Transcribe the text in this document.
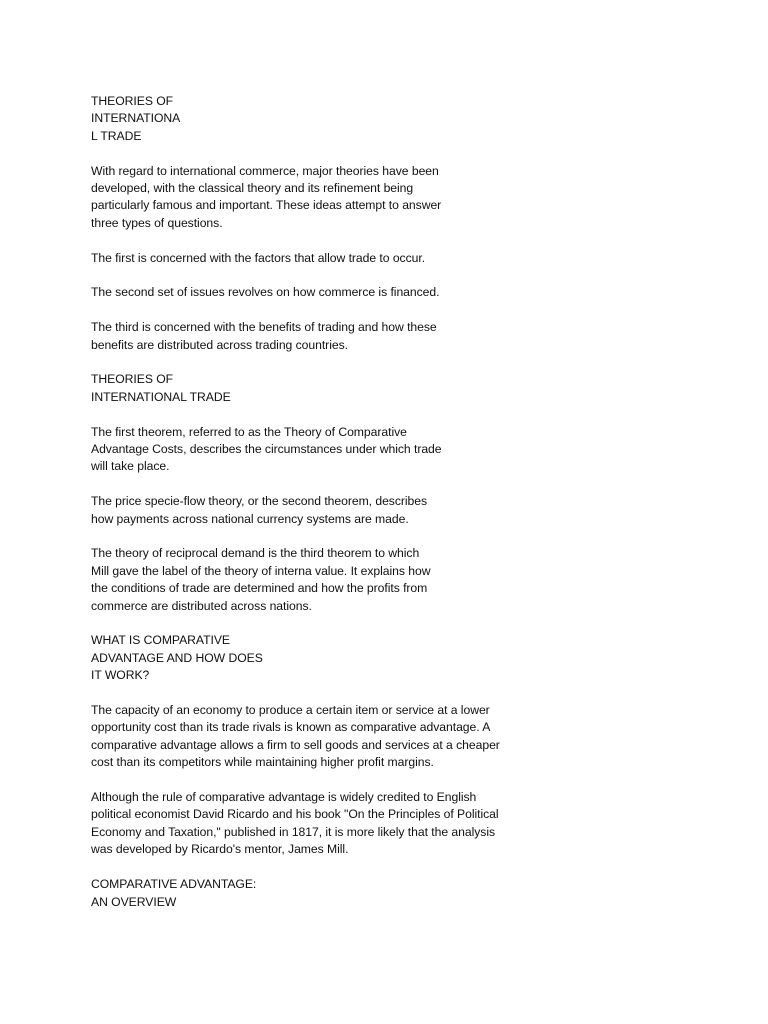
THEORIES OF
INTERNATIONA
L TRADE
With regard to international commerce, major theories have been
developed, with the classical theory and its refinement being
particularly famous and important. These ideas attempt to answer
three types of questions.
The first is concerned with the factors that allow trade to occur.
The second set of issues revolves on how commerce is financed.
The third is concerned with the benefits of trading and how these
benefits are distributed across trading countries.
THEORIES OF
INTERNATIONAL TRADE
The first theorem, referred to as the Theory of Comparative
Advantage Costs, describes the circumstances under which trade
will take place.
The price specie-flow theory, or the second theorem, describes
how payments across national currency systems are made.
The theory of reciprocal demand is the third theorem to which
Mill gave the label of the theory of interna value. It explains how
the conditions of trade are determined and how the profits from
commerce are distributed across nations.
WHAT IS COMPARATIVE
ADVANTAGE AND HOW DOES
IT WORK?
The capacity of an economy to produce a certain item or service at a lower
opportunity cost than its trade rivals is known as comparative advantage. A
comparative advantage allows a firm to sell goods and services at a cheaper
cost than its competitors while maintaining higher profit margins.
Although the rule of comparative advantage is widely credited to English
political economist David Ricardo and his book "On the Principles of Political
Economy and Taxation," published in 1817, it is more likely that the analysis
was developed by Ricardo's mentor, James Mill.
COMPARATIVE ADVANTAGE:
AN OVERVIEW
